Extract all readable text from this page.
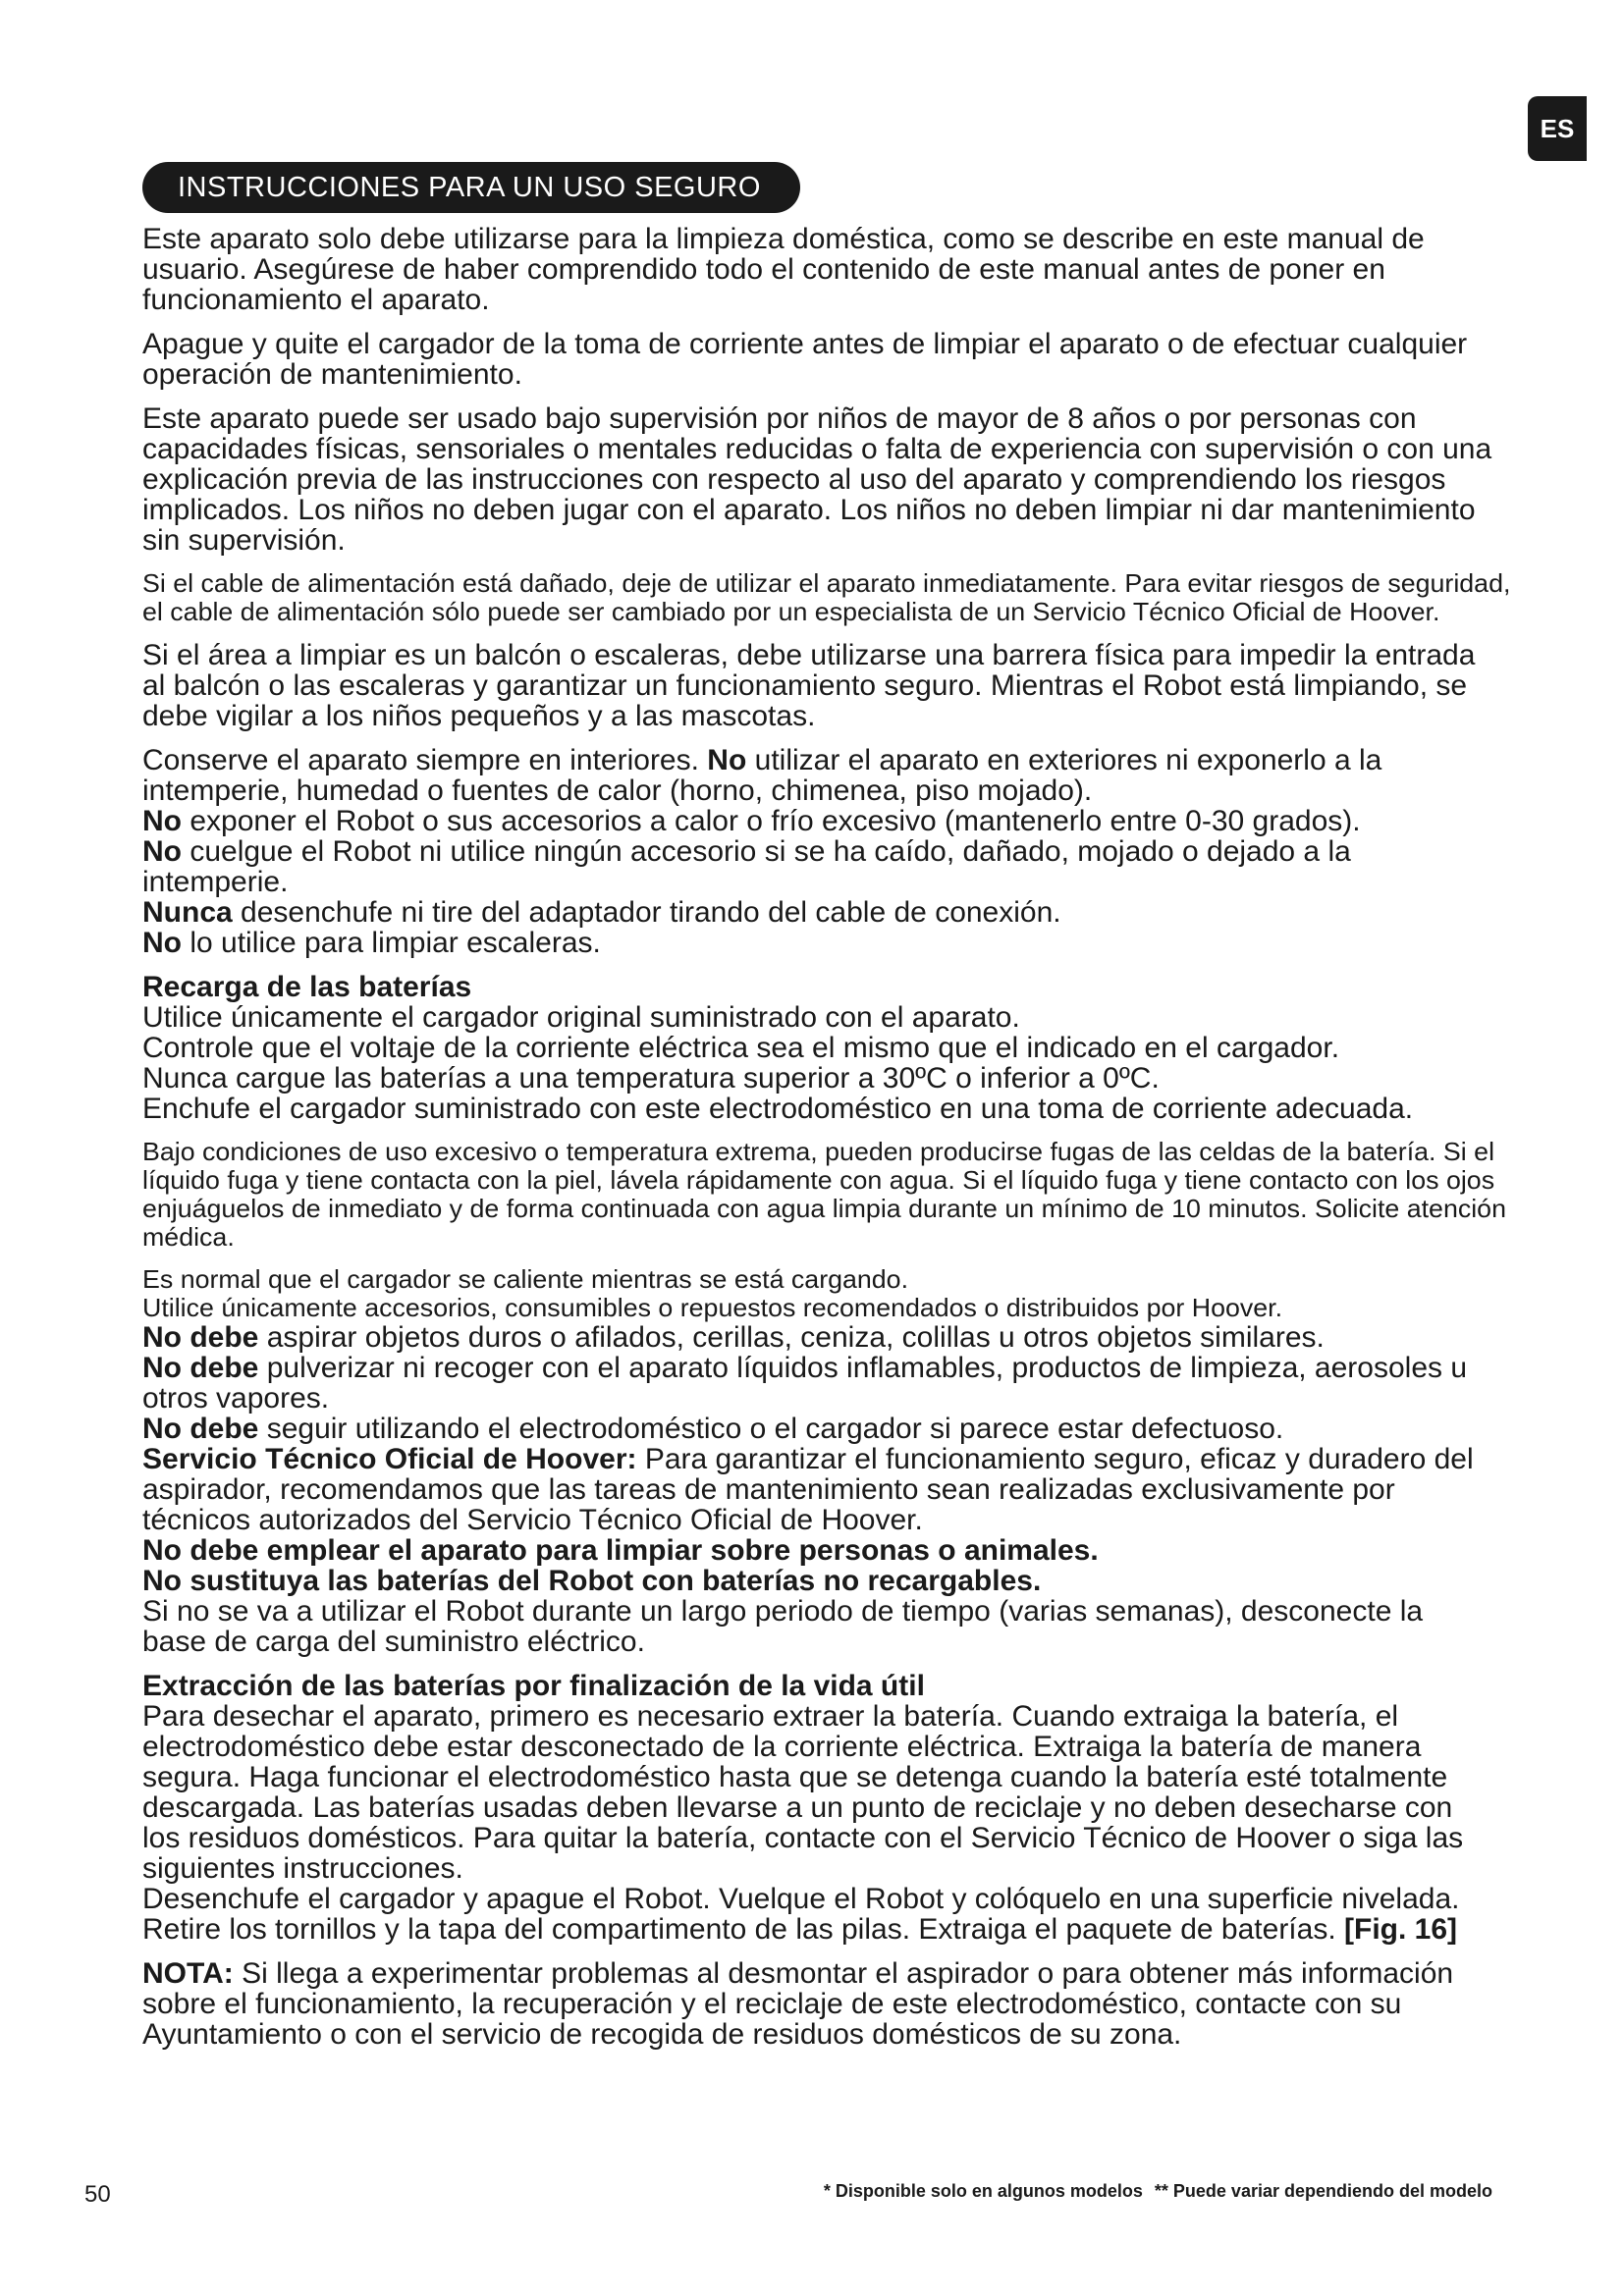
ES
INSTRUCCIONES PARA UN USO SEGURO

Este aparato solo debe utilizarse para la limpieza doméstica, como se describe en este manual de usuario. Asegúrese de haber comprendido todo el contenido de este manual antes de poner en funcionamiento el aparato.

Apague y quite el cargador de la toma de corriente antes de limpiar el aparato o de efectuar cualquier operación de mantenimiento.

Este aparato puede ser usado bajo supervisión por niños de mayor de 8 años o por personas con capacidades físicas, sensoriales o mentales reducidas o falta de experiencia con supervisión o con una explicación previa de las instrucciones con respecto al uso del aparato y comprendiendo los riesgos implicados. Los niños no deben jugar con el aparato. Los niños no deben limpiar ni dar mantenimiento sin supervisión.

Si el cable de alimentación está dañado, deje de utilizar el aparato inmediatamente. Para evitar riesgos de seguridad, el cable de alimentación sólo puede ser cambiado por un especialista de un Servicio Técnico Oficial de Hoover.

Si el área a limpiar es un balcón o escaleras, debe utilizarse una barrera física para impedir la entrada al balcón o las escaleras y garantizar un funcionamiento seguro. Mientras el Robot está limpiando, se debe vigilar a los niños pequeños y a las mascotas.

Conserve el aparato siempre en interiores. No utilizar el aparato en exteriores ni exponerlo a la intemperie, humedad o fuentes de calor (horno, chimenea, piso mojado).

No exponer el Robot o sus accesorios a calor o frío excesivo (mantenerlo entre 0-30 grados).

No cuelgue el Robot ni utilice ningún accesorio si se ha caído, dañado, mojado o dejado a la intemperie.

Nunca desenchufe ni tire del adaptador tirando del cable de conexión.

No lo utilice para limpiar escaleras.

Recarga de las baterías

Utilice únicamente el cargador original suministrado con el aparato.

Controle que el voltaje de la corriente eléctrica sea el mismo que el indicado en el cargador.

Nunca cargue las baterías a una temperatura superior a 30ºC o inferior a 0ºC.

Enchufe el cargador suministrado con este electrodoméstico en una toma de corriente adecuada.

Bajo condiciones de uso excesivo o temperatura extrema, pueden producirse fugas de las celdas de la batería. Si el líquido fuga y tiene contacta con la piel, lávela rápidamente con agua. Si el líquido fuga y tiene contacto con los ojos enjuáguelos de inmediato y de forma continuada con agua limpia durante un mínimo de 10 minutos. Solicite atención médica.

Es normal que el cargador se caliente mientras se está cargando.

Utilice únicamente accesorios, consumibles o repuestos recomendados o distribuidos por Hoover.

No debe aspirar objetos duros o afilados, cerillas, ceniza, colillas u otros objetos similares.

No debe pulverizar ni recoger con el aparato líquidos inflamables, productos de limpieza, aerosoles u otros vapores.

No debe seguir utilizando el electrodoméstico o el cargador si parece estar defectuoso.

Servicio Técnico Oficial de Hoover: Para garantizar el funcionamiento seguro, eficaz y duradero del aspirador, recomendamos que las tareas de mantenimiento sean realizadas exclusivamente por técnicos autorizados del Servicio Técnico Oficial de Hoover.

No debe emplear el aparato para limpiar sobre personas o animales.

No sustituya las baterías del Robot con baterías no recargables.

Si no se va a utilizar el Robot durante un largo periodo de tiempo (varias semanas), desconecte la base de carga del suministro eléctrico.

Extracción de las baterías por finalización de la vida útil

Para desechar el aparato, primero es necesario extraer la batería. Cuando extraiga la batería, el electrodoméstico debe estar desconectado de la corriente eléctrica. Extraiga la batería de manera segura. Haga funcionar el electrodoméstico hasta que se detenga cuando la batería esté totalmente descargada. Las baterías usadas deben llevarse a un punto de reciclaje y no deben desecharse con los residuos domésticos. Para quitar la batería, contacte con el Servicio Técnico de Hoover o siga las siguientes instrucciones.

Desenchufe el cargador y apague el Robot. Vuelque el Robot y colóquelo en una superficie nivelada. Retire los tornillos y la tapa del compartimento de las pilas. Extraiga el paquete de baterías. [Fig. 16]

NOTA: Si llega a experimentar problemas al desmontar el aspirador o para obtener más información sobre el funcionamiento, la recuperación y el reciclaje de este electrodoméstico, contacte con su Ayuntamiento o con el servicio de recogida de residuos domésticos de su zona.

50	* Disponible solo en algunos modelos ** Puede variar dependiendo del modelo
